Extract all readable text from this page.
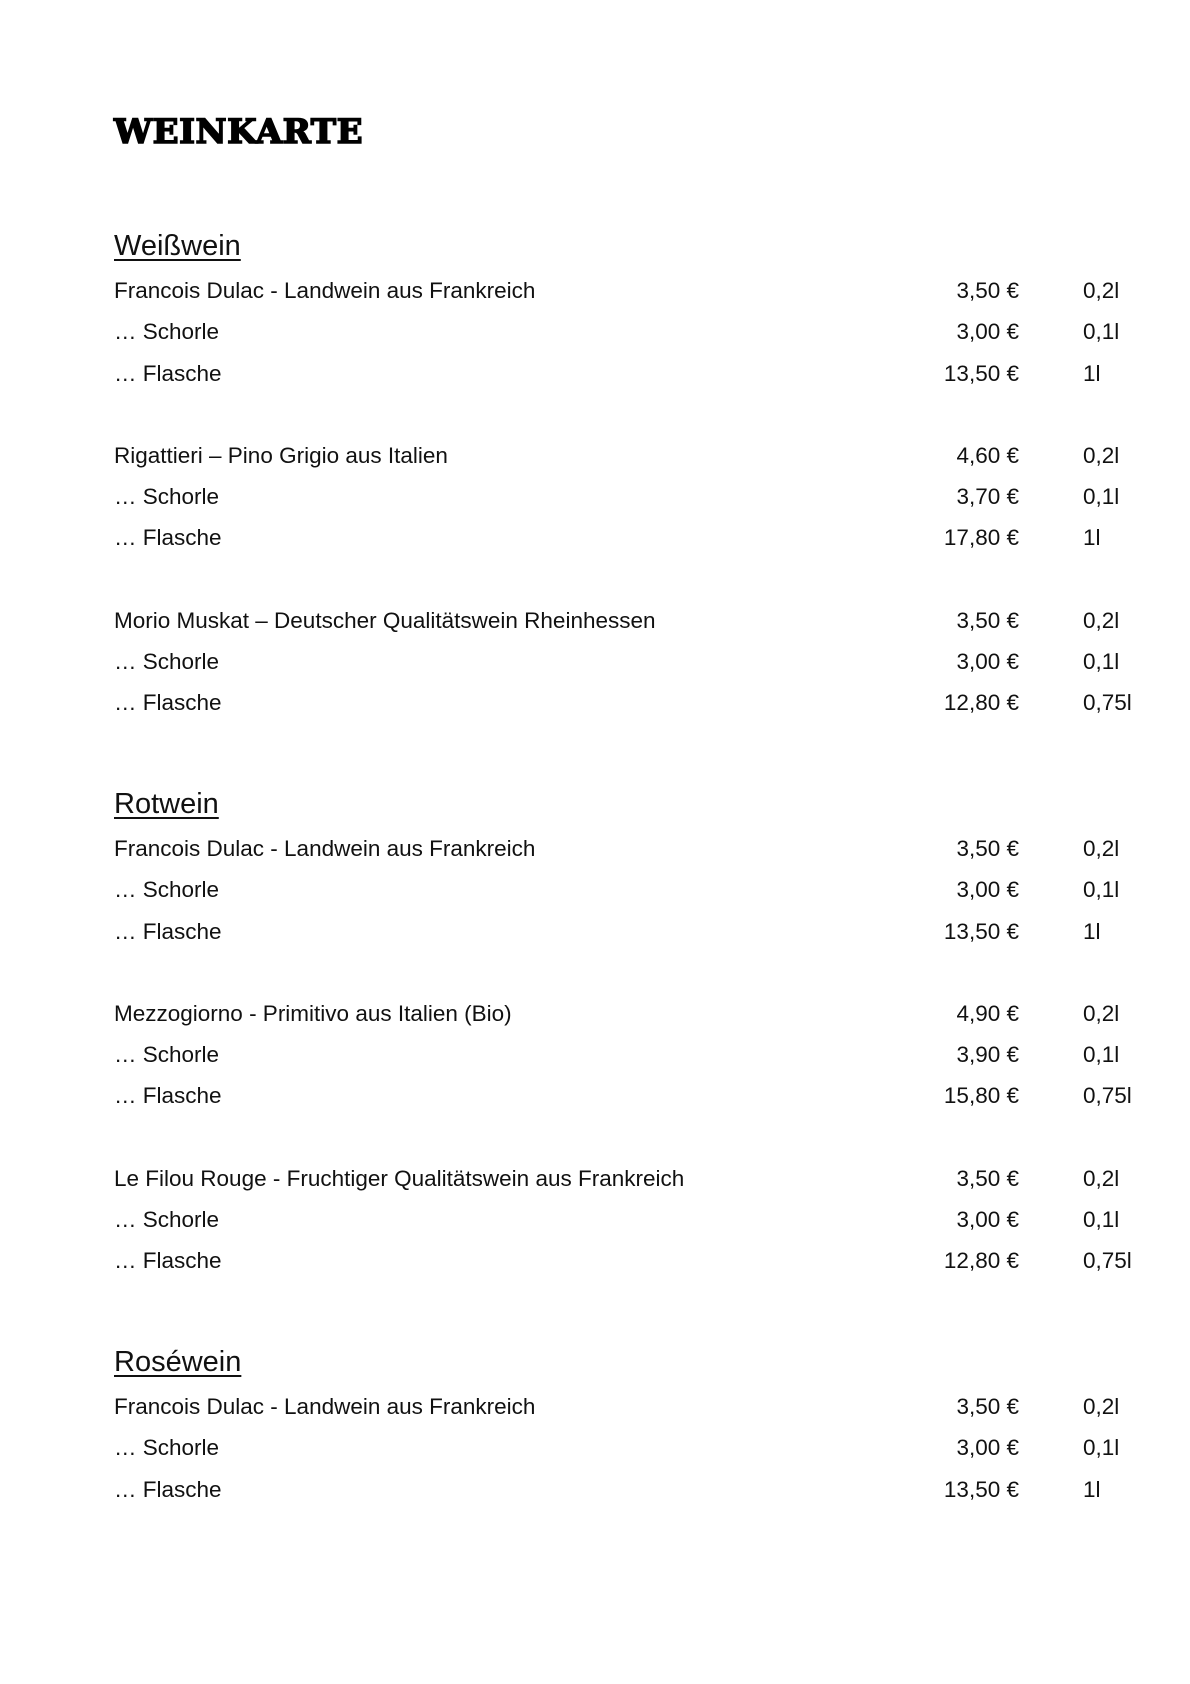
WEINKARTE
Weißwein
Francois Dulac - Landwein aus Frankreich	3,50 €	0,2l
… Schorle	3,00 €	0,1l
… Flasche	13,50 €	1l
Rigattieri – Pino Grigio aus Italien	4,60 €	0,2l
… Schorle	3,70 €	0,1l
… Flasche	17,80 €	1l
Morio Muskat – Deutscher Qualitätswein Rheinhessen	3,50 €	0,2l
… Schorle	3,00 €	0,1l
… Flasche	12,80 €	0,75l
Rotwein
Francois Dulac - Landwein aus Frankreich	3,50 €	0,2l
… Schorle	3,00 €	0,1l
… Flasche	13,50 €	1l
Mezzogiorno - Primitivo aus Italien (Bio)	4,90 €	0,2l
… Schorle	3,90 €	0,1l
… Flasche	15,80 €	0,75l
Le Filou Rouge - Fruchtiger Qualitätswein aus Frankreich	3,50 €	0,2l
… Schorle	3,00 €	0,1l
… Flasche	12,80 €	0,75l
Roséwein
Francois Dulac - Landwein aus Frankreich	3,50 €	0,2l
… Schorle	3,00 €	0,1l
… Flasche	13,50 €	1l
